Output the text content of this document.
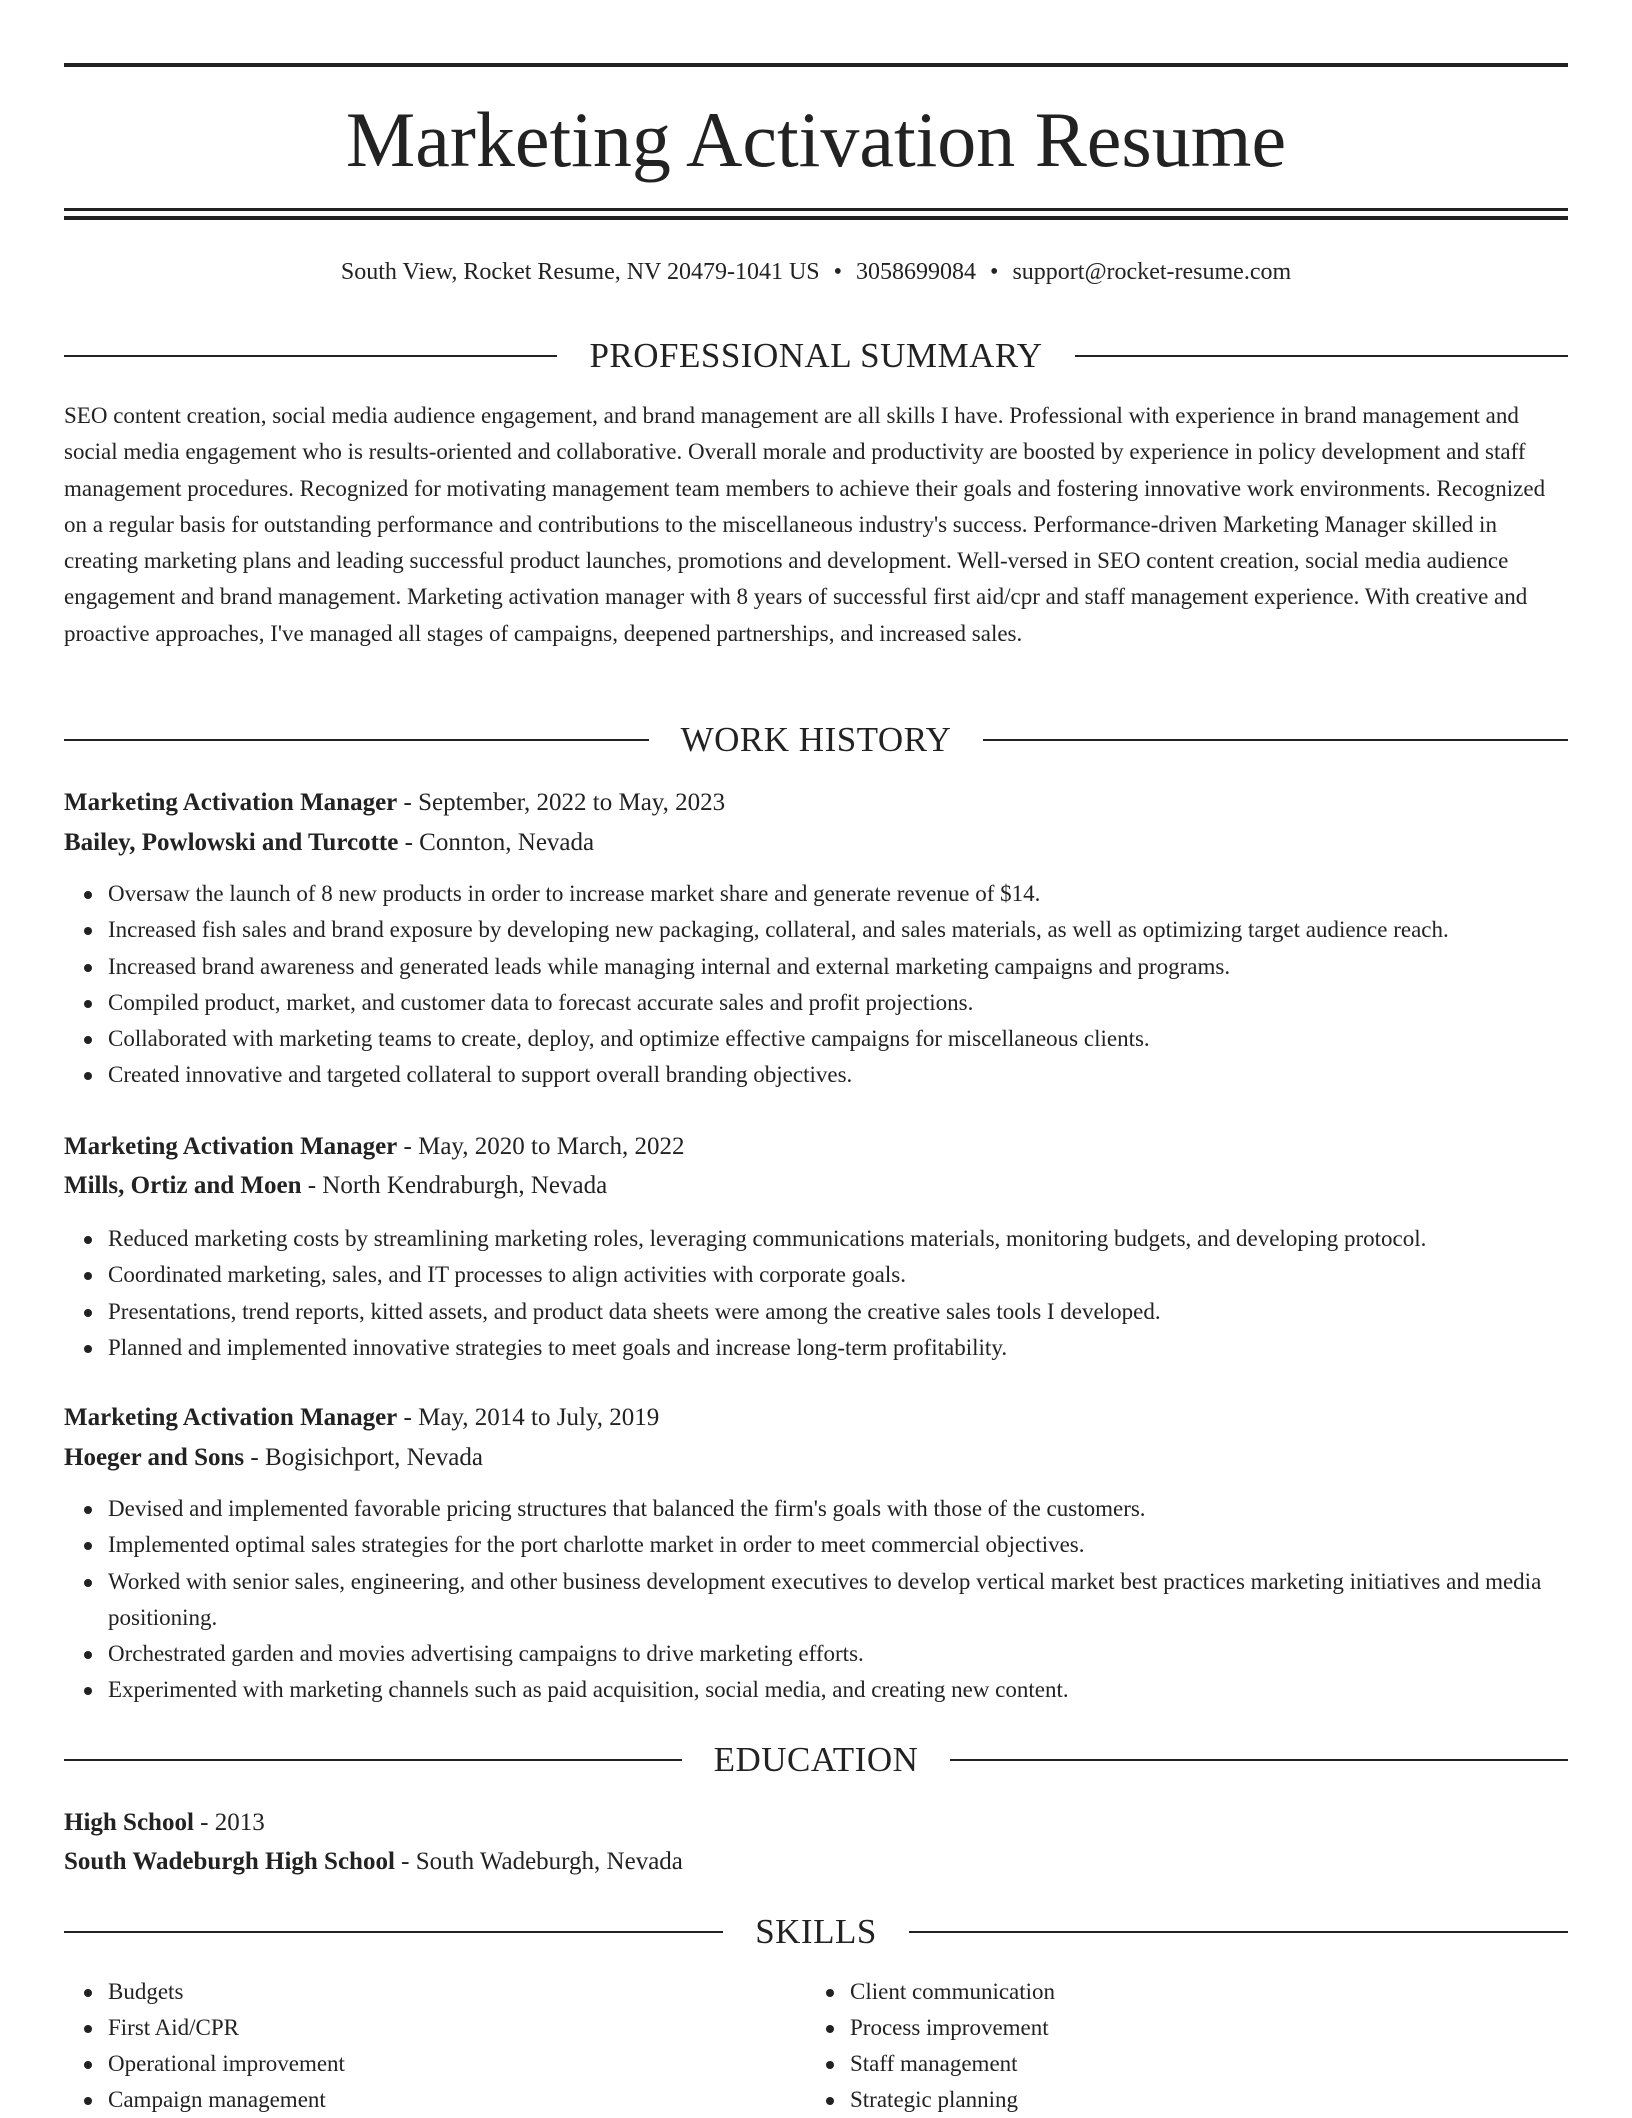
Marketing Activation Resume
South View, Rocket Resume, NV 20479-1041 US • 3058699084 • support@rocket-resume.com
PROFESSIONAL SUMMARY

SEO content creation, social media audience engagement, and brand management are all skills I have. Professional with experience in brand management and social media engagement who is results-oriented and collaborative. Overall morale and productivity are boosted by experience in policy development and staff management procedures. Recognized for motivating management team members to achieve their goals and fostering innovative work environments. Recognized on a regular basis for outstanding performance and contributions to the miscellaneous industry's success. Performance-driven Marketing Manager skilled in creating marketing plans and leading successful product launches, promotions and development. Well-versed in SEO content creation, social media audience engagement and brand management. Marketing activation manager with 8 years of successful first aid/cpr and staff management experience. With creative and proactive approaches, I've managed all stages of campaigns, deepened partnerships, and increased sales.

WORK HISTORY
Marketing Activation Manager - September, 2022 to May, 2023
Bailey, Powlowski and Turcotte - Connton, Nevada
Oversaw the launch of 8 new products in order to increase market share and generate revenue of $14.
Increased fish sales and brand exposure by developing new packaging, collateral, and sales materials, as well as optimizing target audience reach.
Increased brand awareness and generated leads while managing internal and external marketing campaigns and programs.
Compiled product, market, and customer data to forecast accurate sales and profit projections.
Collaborated with marketing teams to create, deploy, and optimize effective campaigns for miscellaneous clients.
Created innovative and targeted collateral to support overall branding objectives.
Marketing Activation Manager - May, 2020 to March, 2022
Mills, Ortiz and Moen - North Kendraburgh, Nevada
Reduced marketing costs by streamlining marketing roles, leveraging communications materials, monitoring budgets, and developing protocol.
Coordinated marketing, sales, and IT processes to align activities with corporate goals.
Presentations, trend reports, kitted assets, and product data sheets were among the creative sales tools I developed.
Planned and implemented innovative strategies to meet goals and increase long-term profitability.
Marketing Activation Manager - May, 2014 to July, 2019
Hoeger and Sons - Bogisichport, Nevada
Devised and implemented favorable pricing structures that balanced the firm's goals with those of the customers.
Implemented optimal sales strategies for the port charlotte market in order to meet commercial objectives.
Worked with senior sales, engineering, and other business development executives to develop vertical market best practices marketing initiatives and media positioning.
Orchestrated garden and movies advertising campaigns to drive marketing efforts.
Experimented with marketing channels such as paid acquisition, social media, and creating new content.
EDUCATION
High School - 2013
South Wadeburgh High School - South Wadeburgh, Nevada
SKILLS
Budgets
First Aid/CPR
Operational improvement
Campaign management
Client communication
Process improvement
Staff management
Strategic planning
